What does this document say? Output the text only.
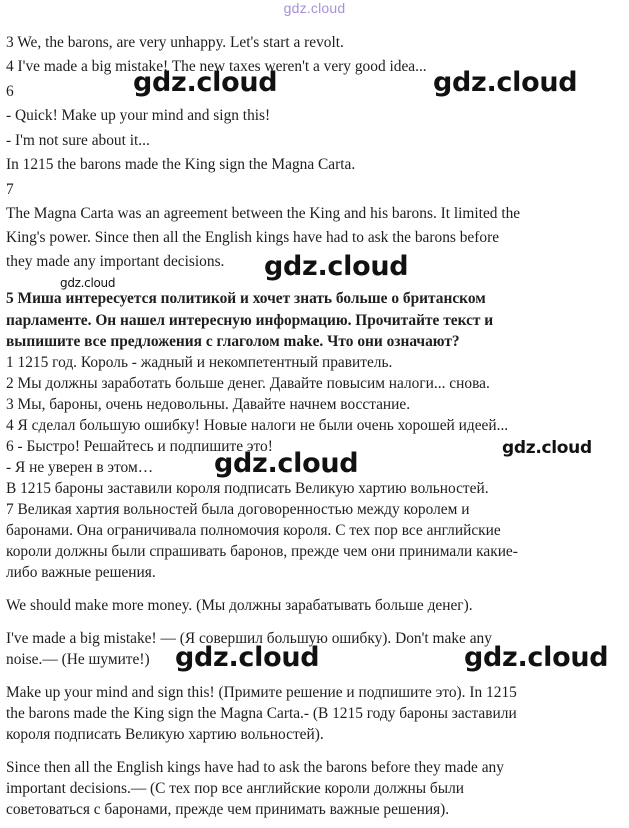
gdz.cloud

3 We, the barons, are very unhappy. Let's start a revolt.

4 I've made a big mistake! The new taxes weren't a very good idea...

6

- Quick! Make up your mind and sign this!

- I'm not sure about it...

In 1215 the barons made the King sign the Magna Carta.

7

The Magna Carta was an agreement between the King and his barons. It limited the

King's power. Since then all the English kings have had to ask the barons before

they made any important decisions.

5 Миша интересуется политикой и хочет знать больше о британском

парламенте. Он нашел интересную информацию. Прочитайте текст и

выпишите все предложения с глаголом make. Что они означают?

1 1215 год. Король - жадный и некомпетентный правитель.

2 Мы должны заработать больше денег. Давайте повысим налоги... снова.

3 Мы, бароны, очень недовольны. Давайте начнем восстание.

4 Я сделал большую ошибку! Новые налоги не были очень хорошей идеей...

6 - Быстро! Решайтесь и подпишите это!

- Я не уверен в этом…

В 1215 бароны заставили короля подписать Великую хартию вольностей.

7 Великая хартия вольностей была договоренностью между королем и

баронами. Она ограничивала полномочия короля. С тех пор все английские

короли должны были спрашивать баронов, прежде чем они принимали какие-

либо важные решения.

We should make more money. (Мы должны зарабатывать больше денег).

I've made a big mistake! — (Я совершил большую ошибку). Don't make any

noise.— (Не шумите!)

Make up your mind and sign this! (Примите решение и подпишите это). In 1215

the barons made the King sign the Magna Carta.- (В 1215 году бароны заставили

короля подписать Великую хартию вольностей).

Since then all the English kings have had to ask the barons before they made any

important decisions.— (С тех пор все английские короли должны были

советоваться с баронами, прежде чем принимать важные решения).

gdz.cloud	gdz.cloud
gdz.cloud
gdz.cloud
gdz.cloud
gdz.cloud
gdz.cloud	gdz.cloud
